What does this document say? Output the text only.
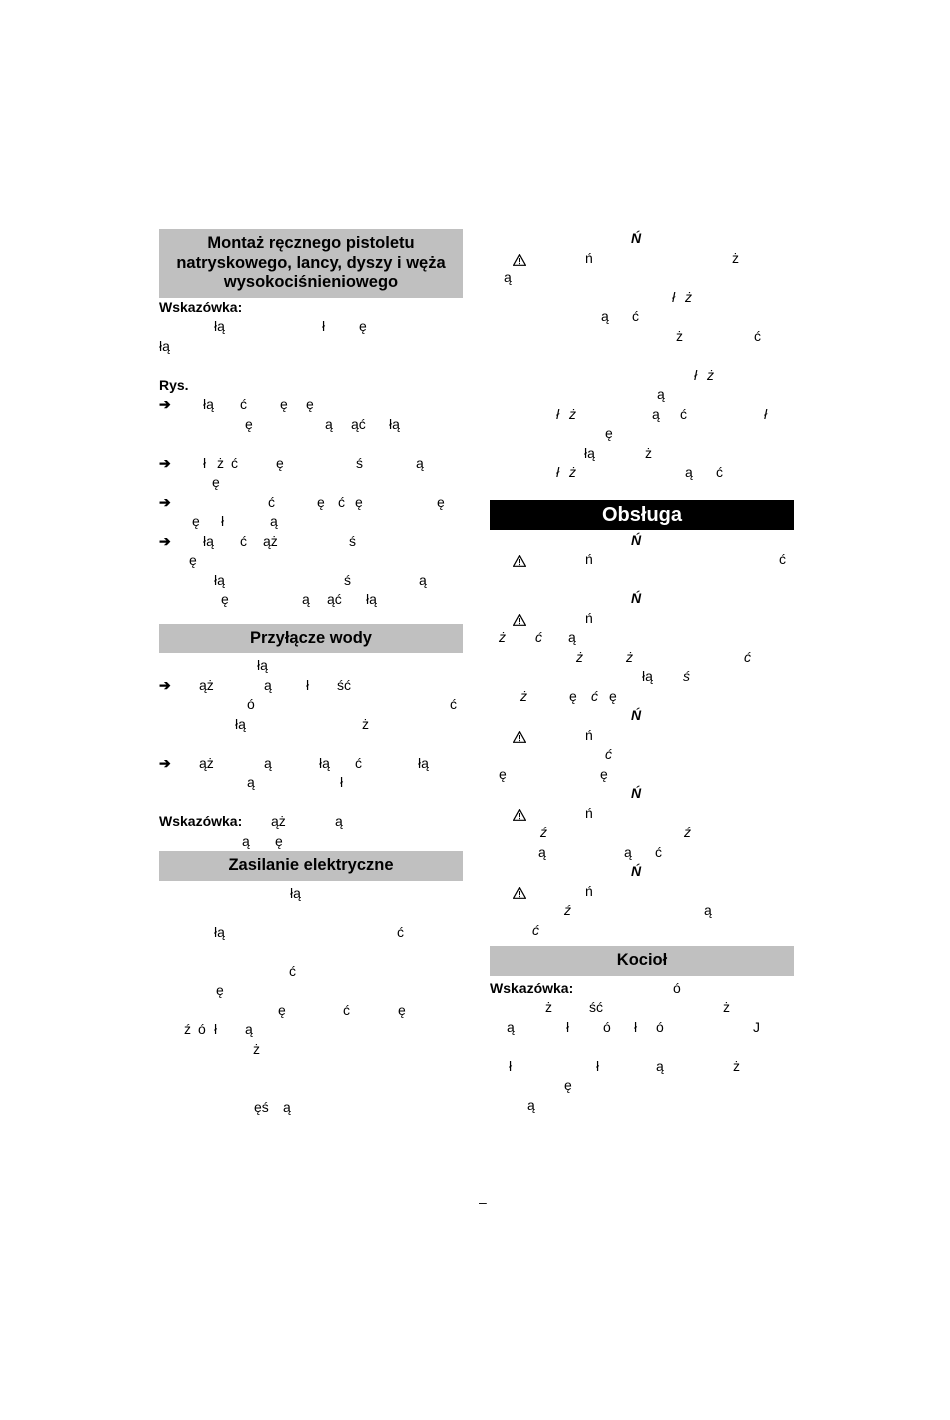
Montaż ręcznego pistoletu natryskowego, lancy, dyszy i węża wysokociśnieniowego

Wskazówka:

łą

	ł

ę

łą

Rys.

➔

łą

ć

ę

ę

ę

	ą

ąć

łą

➔

ł

ż

ć

	ę

	ś

	ą

ę

➔

	ć

	ę

ć

ę

	ę

ę

ł

	ą

➔

łą

ć

ąż

	ś

ę

łą

	ś

	ą

ę

	ą

ąć

łą

Przyłącze wody

łą

➔

ąż

	ą

ł

ść

ó

	ć

łą

	ż

➔

ąż

	ą

	łą

ć

	łą

ą

	ł

Wskazówka:

ąż

	ą

ą

ę

Zasilanie elektryczne

łą

łą

	ć

ć

ę

ę

	ć

	ę

ź

ó

ł

ą

ż

ęś

ą

Ń

ń

	ż

ą

ł

ż

ą

ć

ż

	ć

ł

ż

ą

ł

ż

	ą

ć

	ł

ę

łą

	ż

ł

ż

	ą

ć

Obsługa

Ń

ń

	ć

Ń

ń

ż

ć

ą

ż

	ż

	ć

łą

ś

ż

	ę

ć

ę

Ń

ń

ć

ę

	ę

Ń

ń

ź

	ź

ą

	ą

ć

Ń

ń

ź

	ą

ć

Kocioł

Wskazówka:

	ó

ż

	ść

	ż

ą

	ł

ó

ł

ó

	J

ł

	ł

	ą

	ż

ę

ą

–
